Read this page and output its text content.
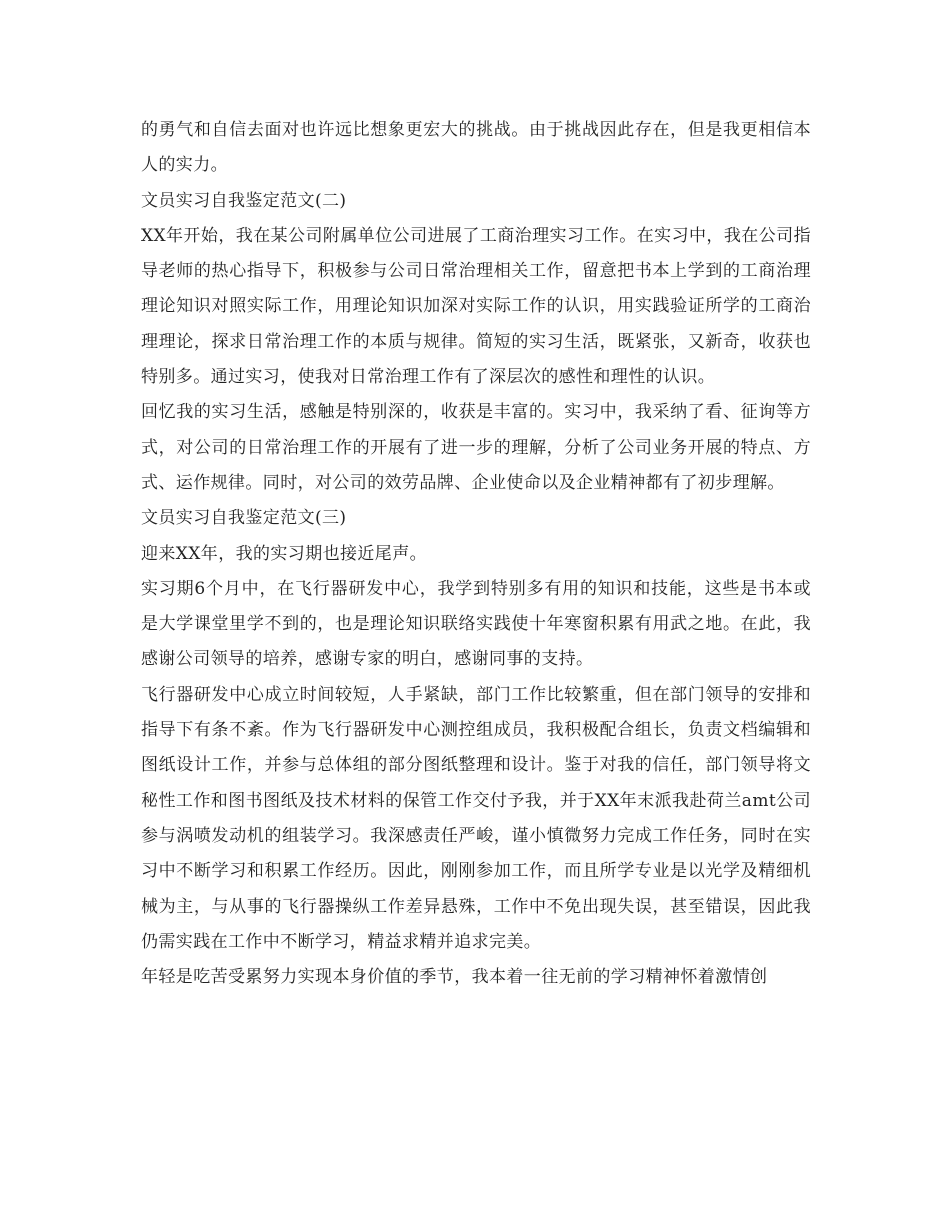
的勇气和自信去面对也许远比想象更宏大的挑战。由于挑战因此存在，但是我更相信本人的实力。

文员实习自我鉴定范文(二)

XX年开始，我在某公司附属单位公司进展了工商治理实习工作。在实习中，我在公司指导老师的热心指导下，积极参与公司日常治理相关工作，留意把书本上学到的工商治理理论知识对照实际工作，用理论知识加深对实际工作的认识，用实践验证所学的工商治理理论，探求日常治理工作的本质与规律。简短的实习生活，既紧张，又新奇，收获也特别多。通过实习，使我对日常治理工作有了深层次的感性和理性的认识。

回忆我的实习生活，感触是特别深的，收获是丰富的。实习中，我采纳了看、征询等方式，对公司的日常治理工作的开展有了进一步的理解，分析了公司业务开展的特点、方式、运作规律。同时，对公司的效劳品牌、企业使命以及企业精神都有了初步理解。

文员实习自我鉴定范文(三)

迎来XX年，我的实习期也接近尾声。

实习期6个月中，在飞行器研发中心，我学到特别多有用的知识和技能，这些是书本或是大学课堂里学不到的，也是理论知识联络实践使十年寒窗积累有用武之地。在此，我感谢公司领导的培养，感谢专家的明白，感谢同事的支持。

飞行器研发中心成立时间较短，人手紧缺，部门工作比较繁重，但在部门领导的安排和指导下有条不紊。作为飞行器研发中心测控组成员，我积极配合组长，负责文档编辑和图纸设计工作，并参与总体组的部分图纸整理和设计。鉴于对我的信任，部门领导将文秘性工作和图书图纸及技术材料的保管工作交付予我，并于XX年末派我赴荷兰amt公司参与涡喷发动机的组装学习。我深感责任严峻，谨小慎微努力完成工作任务，同时在实习中不断学习和积累工作经历。因此，刚刚参加工作，而且所学专业是以光学及精细机械为主，与从事的飞行器操纵工作差异悬殊，工作中不免出现失误，甚至错误，因此我仍需实践在工作中不断学习，精益求精并追求完美。

年轻是吃苦受累努力实现本身价值的季节，我本着一往无前的学习精神怀着激情创
